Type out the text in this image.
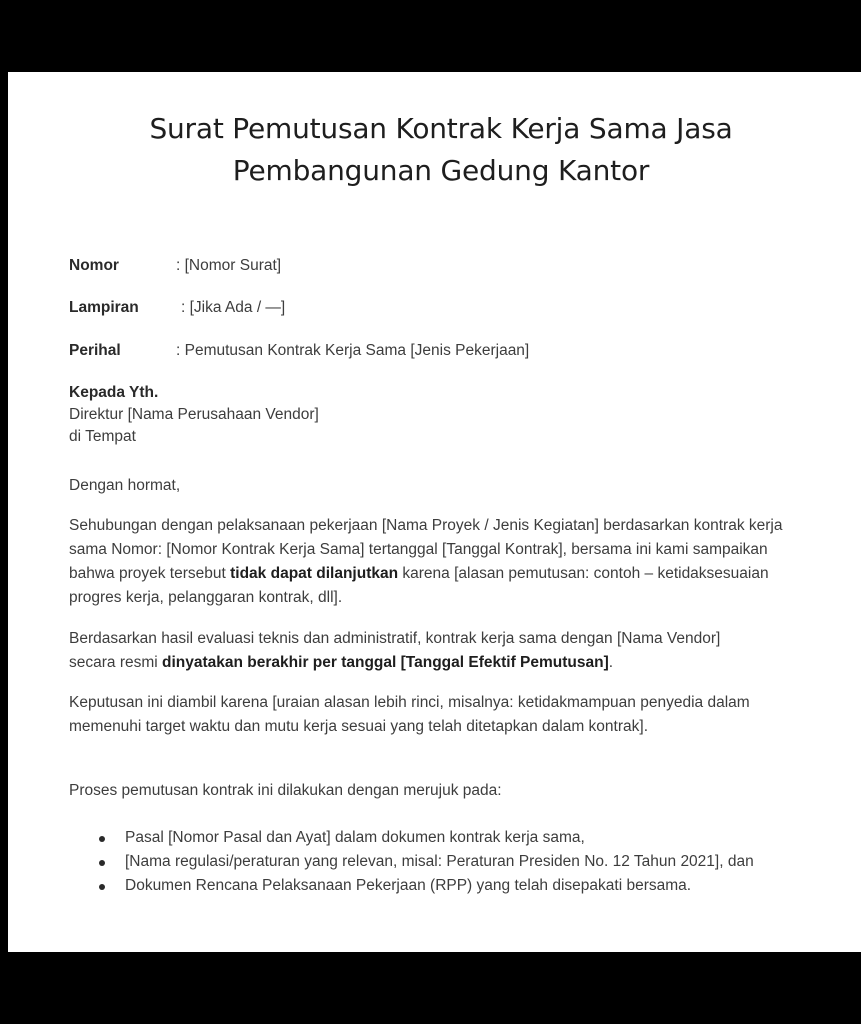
Surat Pemutusan Kontrak Kerja Sama Jasa
Pembangunan Gedung Kantor
Nomor	: [Nomor Surat]
Lampiran	: [Jika Ada / —]
Perihal	: Pemutusan Kontrak Kerja Sama [Jenis Pekerjaan]
Kepada Yth.
Direktur [Nama Perusahaan Vendor]
di Tempat
Dengan hormat,

Sehubungan dengan pelaksanaan pekerjaan [Nama Proyek / Jenis Kegiatan] berdasarkan kontrak kerja sama Nomor: [Nomor Kontrak Kerja Sama] tertanggal [Tanggal Kontrak], bersama ini kami sampaikan bahwa proyek tersebut tidak dapat dilanjutkan karena [alasan pemutusan: contoh – ketidaksesuaian progres kerja, pelanggaran kontrak, dll].

Berdasarkan hasil evaluasi teknis dan administratif, kontrak kerja sama dengan [Nama Vendor] secara resmi dinyatakan berakhir per tanggal [Tanggal Efektif Pemutusan].

Keputusan ini diambil karena [uraian alasan lebih rinci, misalnya: ketidakmampuan penyedia dalam memenuhi target waktu dan mutu kerja sesuai yang telah ditetapkan dalam kontrak].

Proses pemutusan kontrak ini dilakukan dengan merujuk pada:

Pasal [Nomor Pasal dan Ayat] dalam dokumen kontrak kerja sama,
[Nama regulasi/peraturan yang relevan, misal: Peraturan Presiden No. 12 Tahun 2021], dan
Dokumen Rencana Pelaksanaan Pekerjaan (RPP) yang telah disepakati bersama.
